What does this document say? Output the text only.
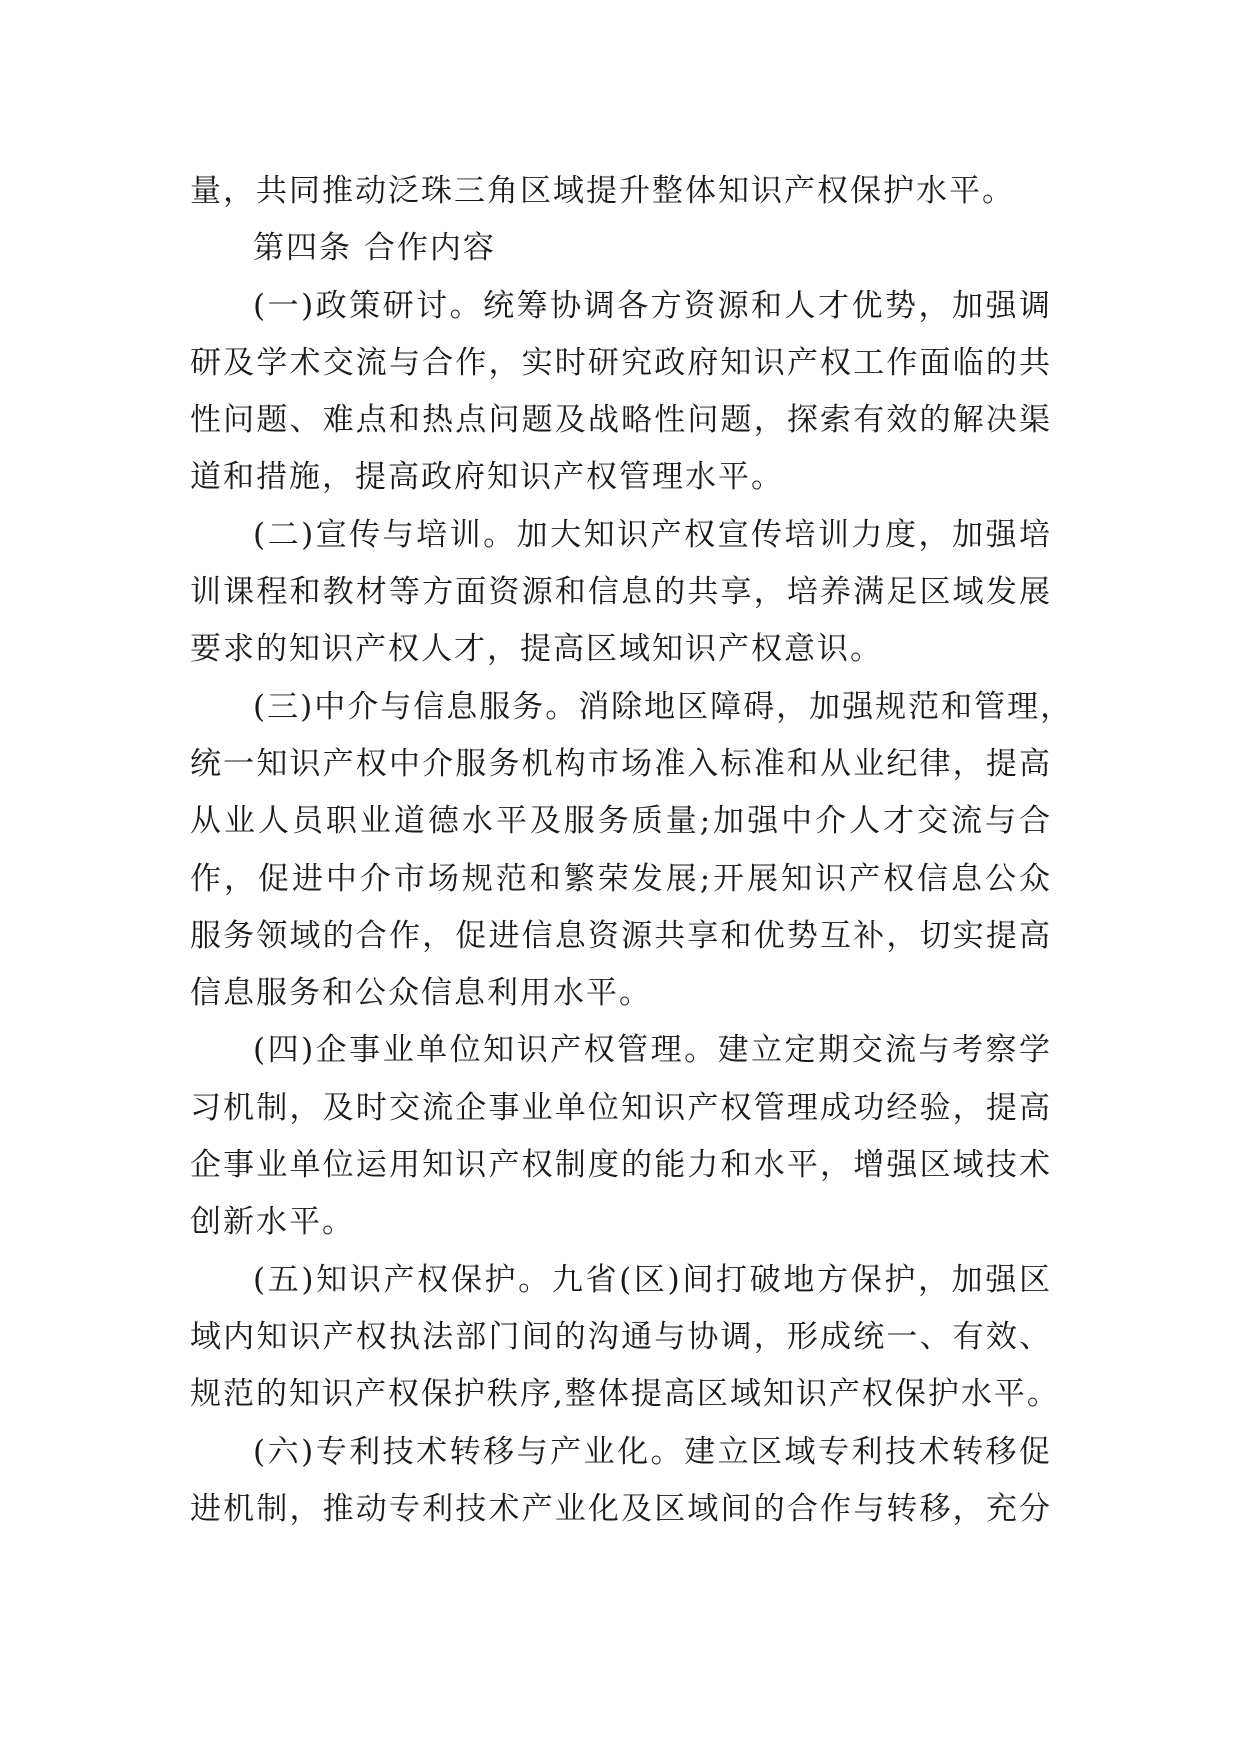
量，共同推动泛珠三角区域提升整体知识产权保护水平。
第四条 合作内容
(一)政策研讨。统筹协调各方资源和人才优势，加强调
研及学术交流与合作，实时研究政府知识产权工作面临的共
性问题、难点和热点问题及战略性问题，探索有效的解决渠
道和措施，提高政府知识产权管理水平。
(二)宣传与培训。加大知识产权宣传培训力度，加强培
训课程和教材等方面资源和信息的共享，培养满足区域发展
要求的知识产权人才，提高区域知识产权意识。
(三)中介与信息服务。消除地区障碍，加强规范和管理，
统一知识产权中介服务机构市场准入标准和从业纪律，提高
从业人员职业道德水平及服务质量;加强中介人才交流与合
作，促进中介市场规范和繁荣发展;开展知识产权信息公众
服务领域的合作，促进信息资源共享和优势互补，切实提高
信息服务和公众信息利用水平。
(四)企事业单位知识产权管理。建立定期交流与考察学
习机制，及时交流企事业单位知识产权管理成功经验，提高
企事业单位运用知识产权制度的能力和水平，增强区域技术
创新水平。
(五)知识产权保护。九省(区)间打破地方保护，加强区
域内知识产权执法部门间的沟通与协调，形成统一、有效、
规范的知识产权保护秩序,整体提高区域知识产权保护水平。
(六)专利技术转移与产业化。建立区域专利技术转移促
进机制，推动专利技术产业化及区域间的合作与转移，充分
